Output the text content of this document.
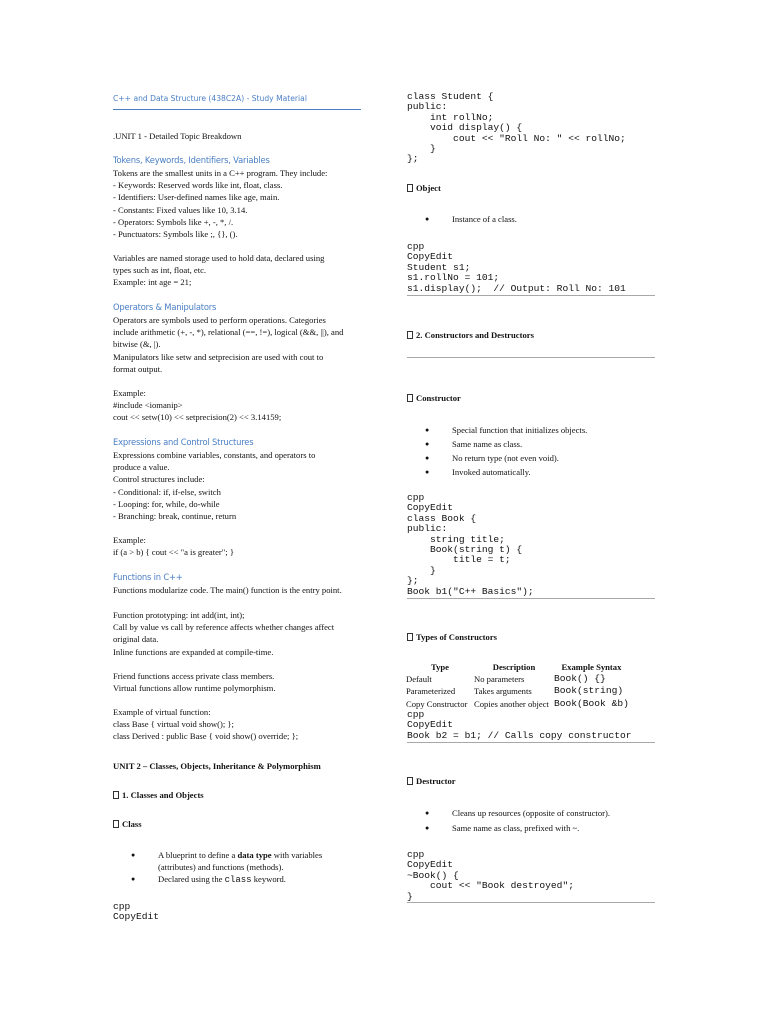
C++ and Data Structure (438C2A) - Study Material
.UNIT 1 - Detailed Topic Breakdown
Tokens, Keywords, Identifiers, Variables
Tokens are the smallest units in a C++ program. They include:
- Keywords: Reserved words like int, float, class.
- Identifiers: User-defined names like age, main.
- Constants: Fixed values like 10, 3.14.
- Operators: Symbols like +, -, *, /.
- Punctuators: Symbols like ;, {}, ().
Variables are named storage used to hold data, declared using
types such as int, float, etc.
Example: int age = 21;
Operators & Manipulators
Operators are symbols used to perform operations. Categories
include arithmetic (+, -, *), relational (==, !=), logical (&&, ||), and
bitwise (&, |).
Manipulators like setw and setprecision are used with cout to
format output.
Example:
#include <iomanip>
cout << setw(10) << setprecision(2) << 3.14159;
Expressions and Control Structures
Expressions combine variables, constants, and operators to
produce a value.
Control structures include:
- Conditional: if, if-else, switch
- Looping: for, while, do-while
- Branching: break, continue, return
Example:
if (a > b) { cout << "a is greater"; }
Functions in C++
Functions modularize code. The main() function is the entry point.
Function prototyping: int add(int, int);
Call by value vs call by reference affects whether changes affect
original data.
Inline functions are expanded at compile-time.
Friend functions access private class members.
Virtual functions allow runtime polymorphism.
Example of virtual function:
class Base { virtual void show(); };
class Derived : public Base { void show() override; };
UNIT 2 – Classes, Objects, Inheritance & Polymorphism
1. Classes and Objects
Class
● A blueprint to define a data type with variables
(attributes) and functions (methods).
● Declared using the class keyword.
cpp
CopyEdit
class Student {
public:
int rollNo;
void display() {
cout << "Roll No: " << rollNo;
}
};
Object
● Instance of a class.
cpp
CopyEdit
Student s1;
s1.rollNo = 101;
s1.display();  // Output: Roll No: 101
2. Constructors and Destructors
Constructor
● Special function that initializes objects.
● Same name as class.
● No return type (not even void).
● Invoked automatically.
cpp
CopyEdit
class Book {
public:
string title;
Book(string t) {
title = t;
}
};
Book b1("C++ Basics");
Types of Constructors
Type	Description	Example Syntax
Default	No parameters	Book() {}
Parameterized	Takes arguments	Book(string)
Copy Constructor	Copies another object	Book(Book &b)
cpp
CopyEdit
Book b2 = b1; // Calls copy constructor
Destructor
● Cleans up resources (opposite of constructor).
● Same name as class, prefixed with ~.
cpp
CopyEdit
~Book() {
cout << "Book destroyed";
}
